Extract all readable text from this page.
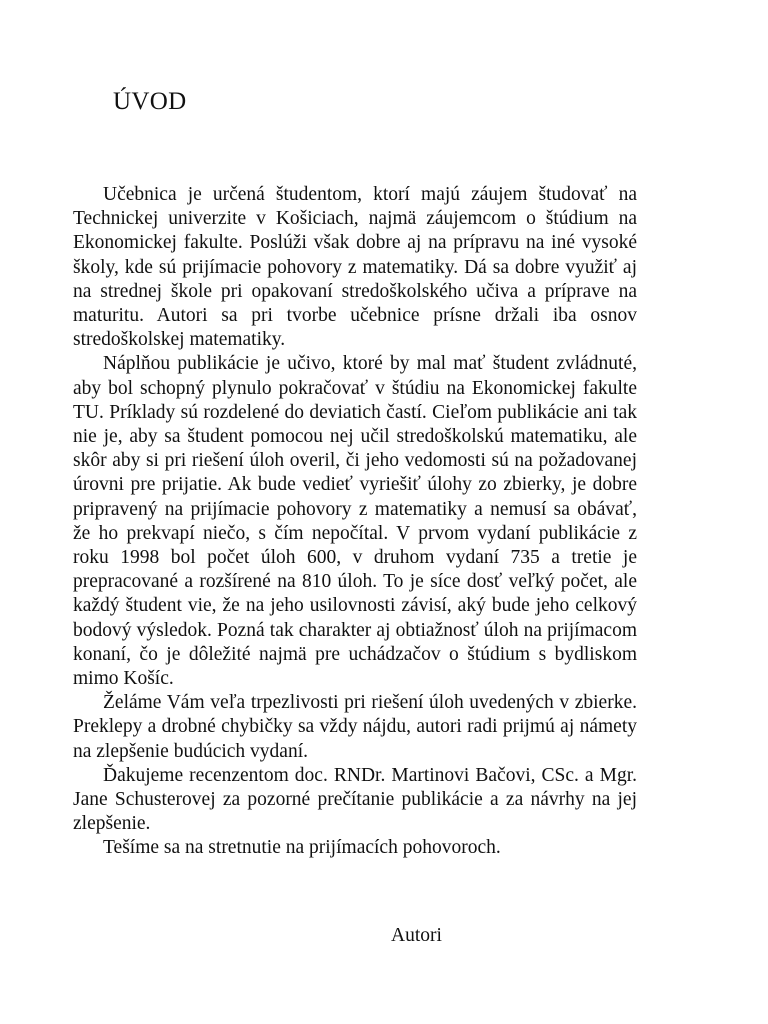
ÚVOD

Učebnica je určená študentom, ktorí majú záujem študovať na Technickej univerzite v Košiciach, najmä záujemcom o štúdium na Ekonomickej fakulte. Poslúži však dobre aj na prípravu na iné vysoké školy, kde sú prijímacie pohovory z matematiky. Dá sa dobre využiť aj na strednej škole pri opakovaní stredoškolského učiva a príprave na maturitu. Autori sa pri tvorbe učebnice prísne držali iba osnov stredoškolskej matematiky.

Náplňou publikácie je učivo, ktoré by mal mať študent zvládnuté, aby bol schopný plynulo pokračovať v štúdiu na Ekonomickej fakulte TU. Príklady sú rozdelené do deviatich častí. Cieľom publikácie ani tak nie je, aby sa študent pomocou nej učil stredoškolskú matematiku, ale skôr aby si pri riešení úloh overil, či jeho vedomosti sú na požadovanej úrovni pre prijatie. Ak bude vedieť vyriešiť úlohy zo zbierky, je dobre pripravený na prijímacie pohovory z matematiky a nemusí sa obávať, že ho prekvapí niečo, s čím nepočítal. V prvom vydaní publikácie z roku 1998 bol počet úloh 600, v druhom vydaní 735 a tretie je prepracované a rozšírené na 810 úloh. To je síce dosť veľký počet, ale každý študent vie, že na jeho usilovnosti závisí, aký bude jeho celkový bodový výsledok. Pozná tak charakter aj obtiažnosť úloh na prijímacom konaní, čo je dôležité najmä pre uchádzačov o štúdium s bydliskom mimo Košíc.

Želáme Vám veľa trpezlivosti pri riešení úloh uvedených v zbierke. Preklepy a drobné chybičky sa vždy nájdu, autori radi prijmú aj námety na zlepšenie budúcich vydaní.

Ďakujeme recenzentom doc. RNDr. Martinovi Bačovi, CSc. a Mgr. Jane Schusterovej za pozorné prečítanie publikácie a za návrhy na jej zlepšenie.

Tešíme sa na stretnutie na prijímacích pohovoroch.

Autori
